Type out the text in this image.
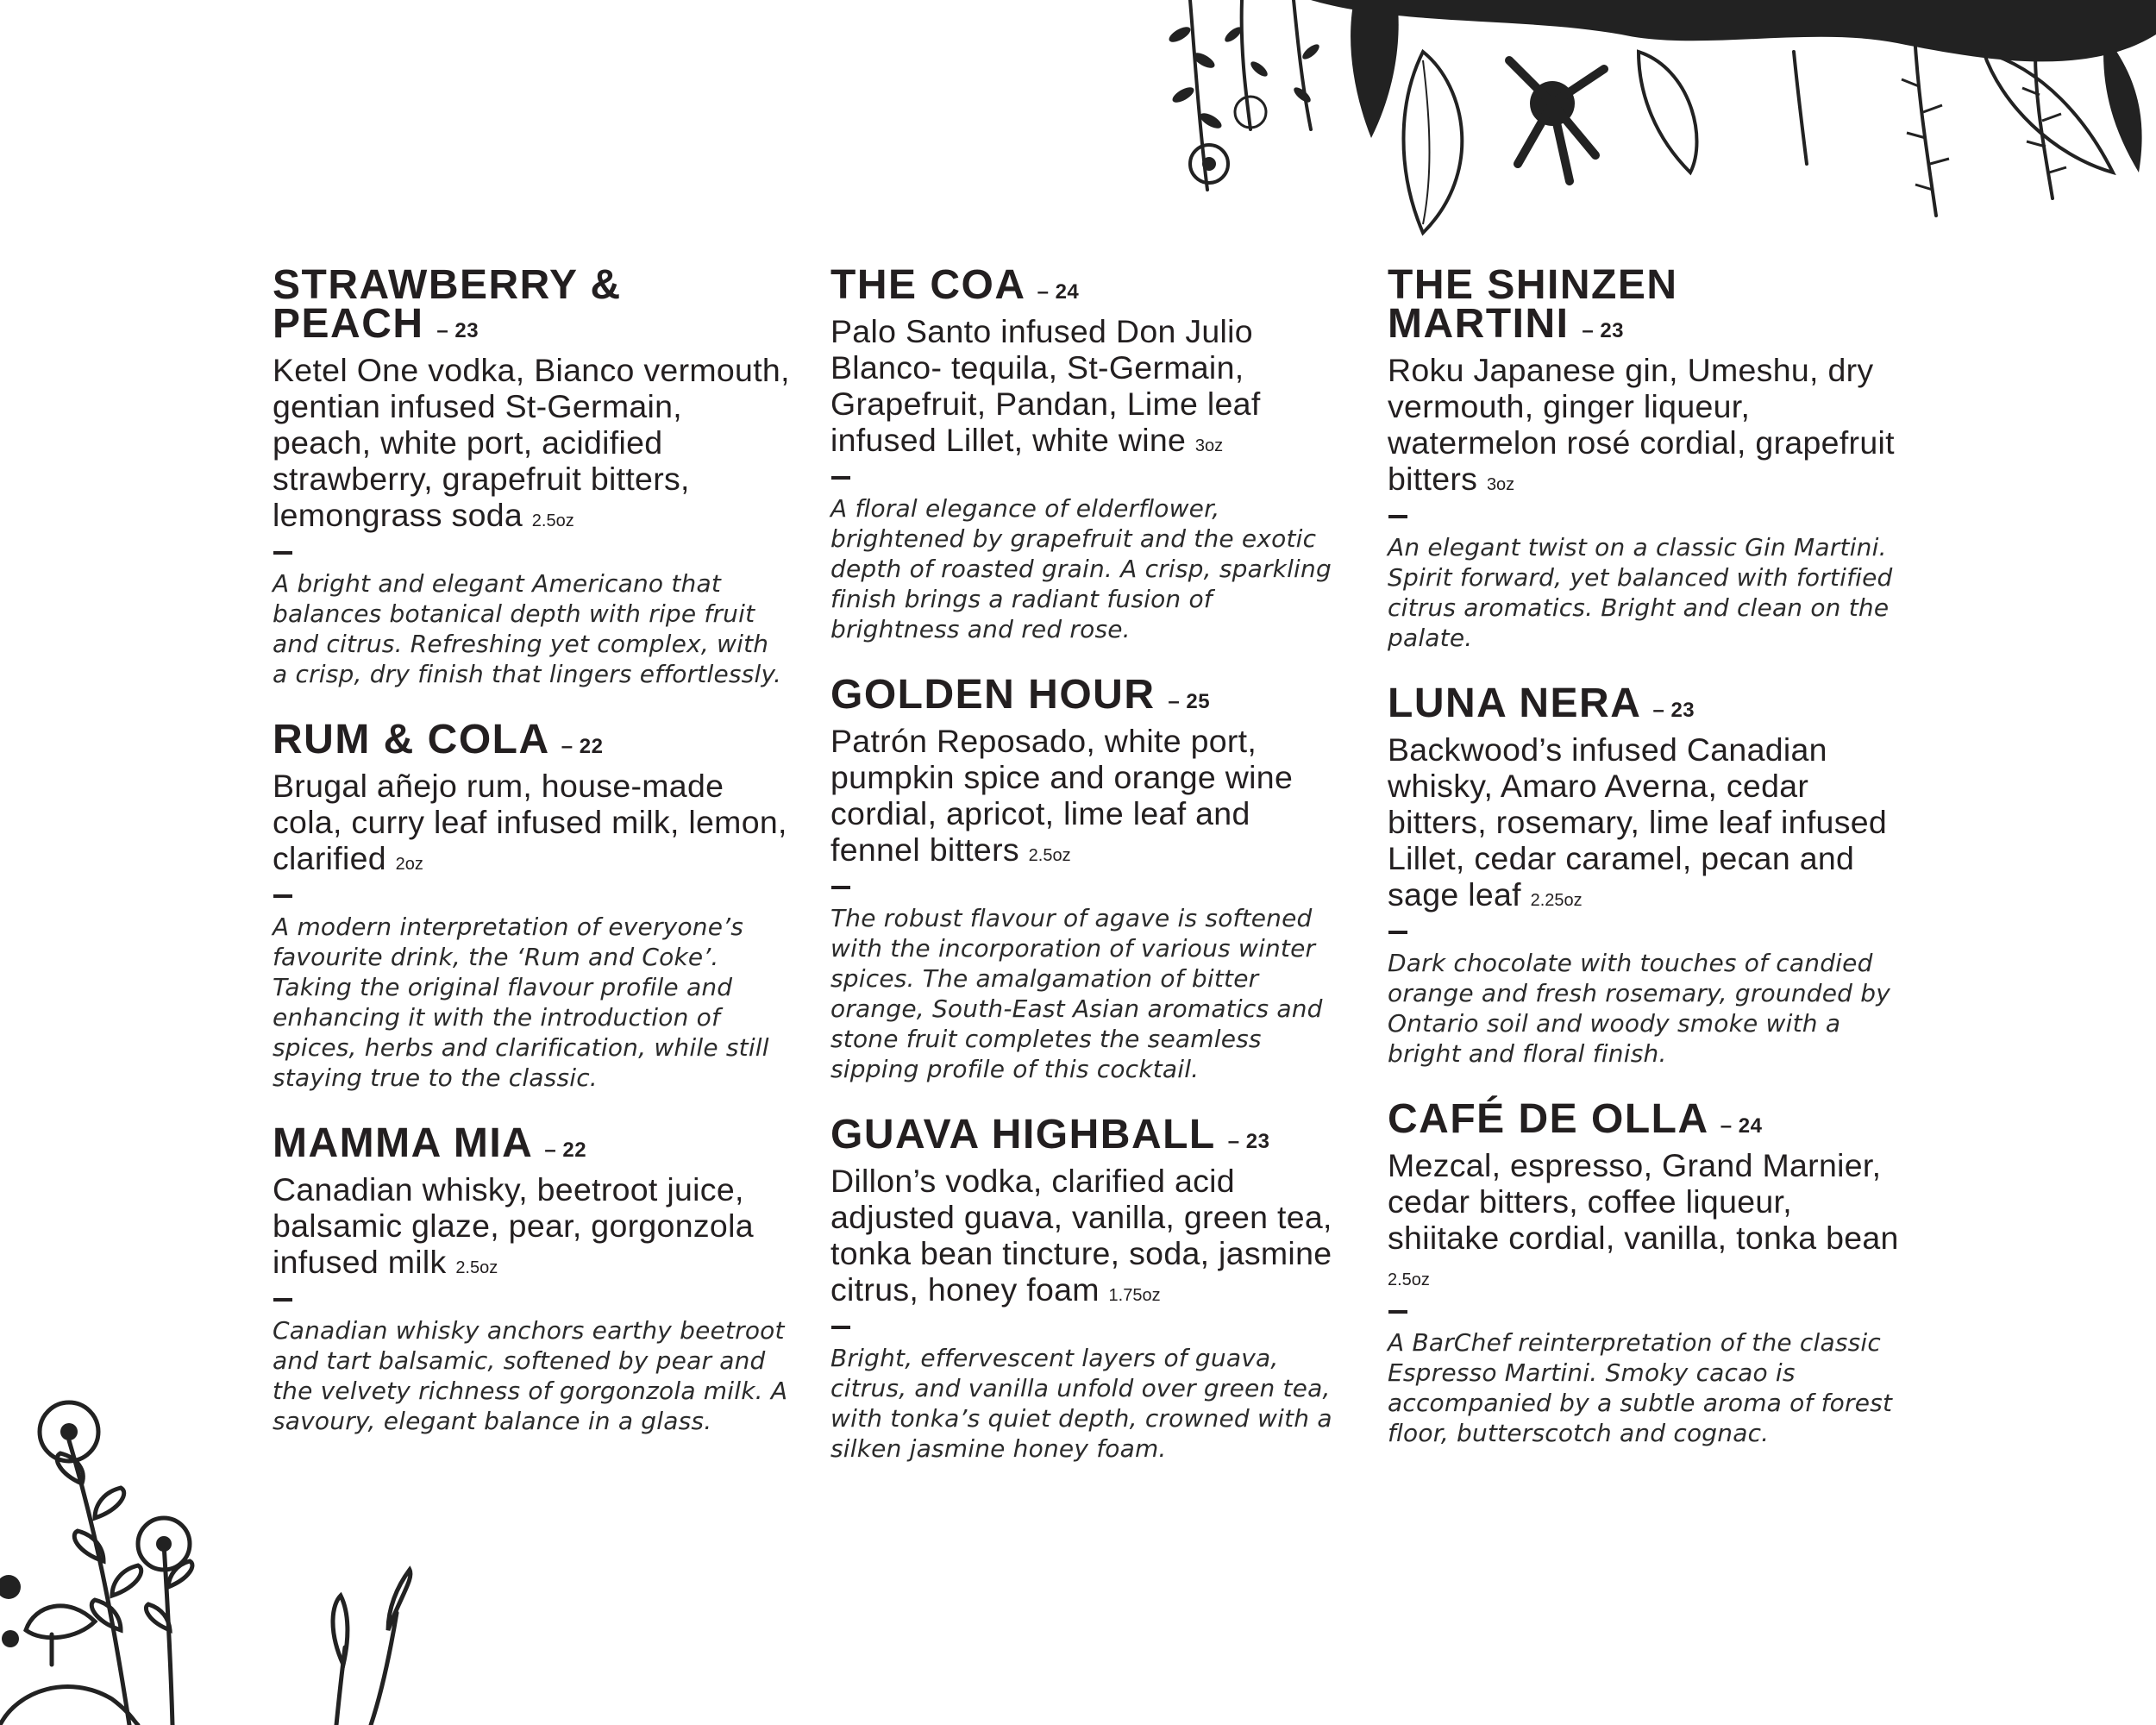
STRAWBERRY &
PEACH – 23

Ketel One vodka, Bianco vermouth, gentian infused St-Germain, peach, white port, acidified strawberry, grapefruit bitters, lemongrass soda 2.5oz

A bright and elegant Americano that balances botanical depth with ripe fruit and citrus. Refreshing yet complex, with a crisp, dry finish that lingers effortlessly.

RUM & COLA – 22

Brugal añejo rum, house-made cola, curry leaf infused milk, lemon, clarified 2oz

A modern interpretation of everyone’s favourite drink, the ‘Rum and Coke’. Taking the original flavour profile and enhancing it with the introduction of spices, herbs and clarification, while still staying true to the classic.

MAMMA MIA – 22

Canadian whisky, beetroot juice, balsamic glaze, pear, gorgonzola infused milk 2.5oz

Canadian whisky anchors earthy beetroot and tart balsamic, softened by pear and the velvety richness of gorgonzola milk. A savoury, elegant balance in a glass.

THE COA – 24

Palo Santo infused Don Julio Blanco- tequila, St-Germain, Grapefruit, Pandan, Lime leaf infused Lillet, white wine 3oz

A floral elegance of elderflower, brightened by grapefruit and the exotic depth of roasted grain. A crisp, sparkling finish brings a radiant fusion of brightness and red rose.

GOLDEN HOUR – 25

Patrón Reposado, white port, pumpkin spice and orange wine cordial, apricot, lime leaf and fennel bitters 2.5oz

The robust flavour of agave is softened with the incorporation of various winter spices. The amalgamation of bitter orange, South-East Asian aromatics and stone fruit completes the seamless sipping profile of this cocktail.

GUAVA HIGHBALL – 23

Dillon’s vodka, clarified acid adjusted guava, vanilla, green tea, tonka bean tincture, soda, jasmine citrus, honey foam 1.75oz

Bright, effervescent layers of guava, citrus, and vanilla unfold over green tea, with tonka’s quiet depth, crowned with a silken jasmine honey foam.

THE SHINZEN
MARTINI – 23

Roku Japanese gin, Umeshu, dry vermouth, ginger liqueur, watermelon rosé cordial, grapefruit bitters 3oz

An elegant twist on a classic Gin Martini. Spirit forward, yet balanced with fortified citrus aromatics. Bright and clean on the palate.

LUNA NERA – 23

Backwood’s infused Canadian whisky, Amaro Averna, cedar bitters, rosemary, lime leaf infused Lillet, cedar caramel, pecan and sage leaf 2.25oz

Dark chocolate with touches of candied orange and fresh rosemary, grounded by Ontario soil and woody smoke with a bright and floral finish.

CAFÉ DE OLLA – 24

Mezcal, espresso, Grand Marnier, cedar bitters, coffee liqueur, shiitake cordial, vanilla, tonka bean 2.5oz

A BarChef reinterpretation of the classic Espresso Martini. Smoky cacao is accompanied by a subtle aroma of forest floor, butterscotch and cognac.
